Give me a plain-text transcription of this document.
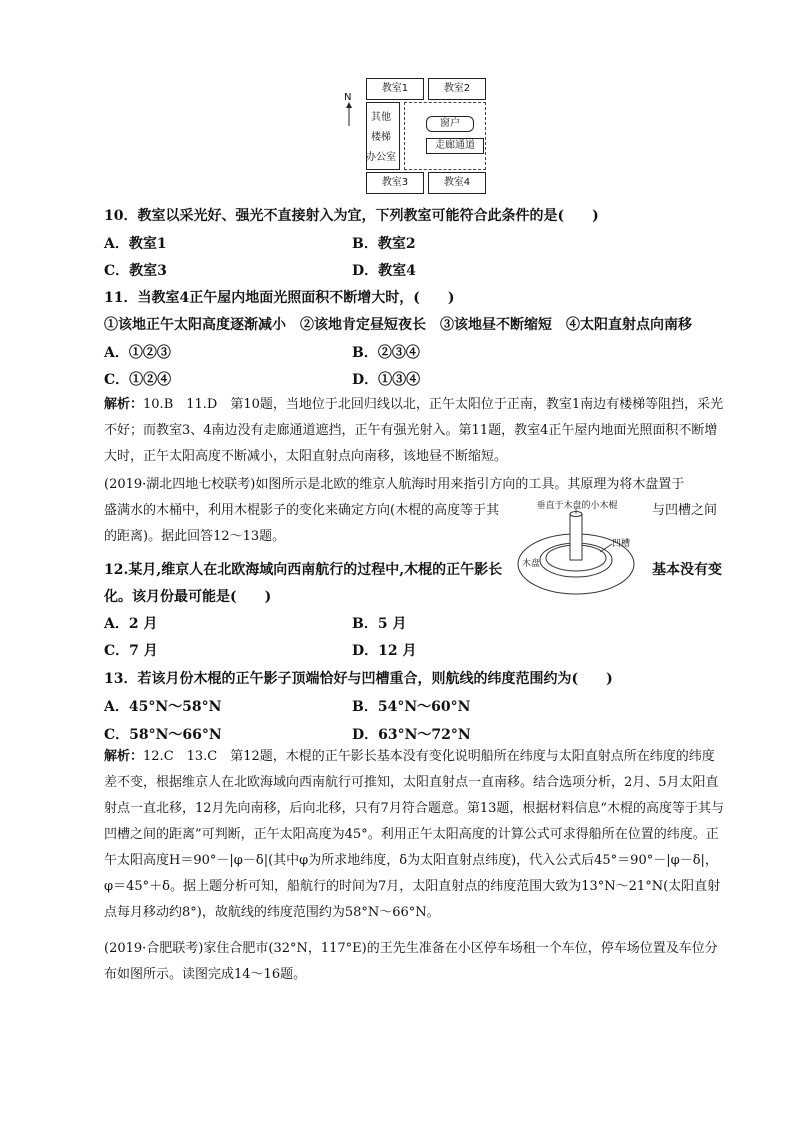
N
教室1	教室2
其他
楼梯
办公室
窗户
走廊通道
教室3	教室4
10．教室以采光好、强光不直接射入为宜，下列教室可能符合此条件的是(　　)
A．教室1	B．教室2
C．教室3	D．教室4
11．当教室4正午屋内地面光照面积不断增大时，(　　)
①该地正午太阳高度逐渐减小　②该地肯定昼短夜长　③该地昼不断缩短　④太阳直射点向南移
A．①②③	B．②③④
C．①②④	D．①③④
解析：10.B　11.D　第10题，当地位于北回归线以北，正午太阳位于正南，教室1南边有楼梯等阻挡，采光不好；而教室3、4南边没有走廊通道遮挡，正午有强光射入。第11题，教室4正午屋内地面光照面积不断增大时，正午太阳高度不断减小，太阳直射点向南移，该地昼不断缩短。
(2019·湖北四地七校联考)如图所示是北欧的维京人航海时用来指引方向的工具。其原理为将木盘置于
盛满水的木桶中，利用木棍影子的变化来确定方向(木棍的高度等于其	与凹槽之间
的距离)。据此回答12～13题。
垂直于木盘的小木棍
凹槽
木盘
12.某月,维京人在北欧海域向西南航行的过程中,木棍的正午影长	基本没有变
化。该月份最可能是(　　)
A．2 月	B．5 月
C．7 月	D．12 月
13．若该月份木棍的正午影子顶端恰好与凹槽重合，则航线的纬度范围约为(　　)
A．45°N～58°N	B．54°N～60°N
C．58°N～66°N	D．63°N～72°N
解析：12.C　13.C　第12题，木棍的正午影长基本没有变化说明船所在纬度与太阳直射点所在纬度的纬度差不变，根据维京人在北欧海域向西南航行可推知，太阳直射点一直南移。结合选项分析，2月、5月太阳直射点一直北移，12月先向南移，后向北移，只有7月符合题意。第13题，根据材料信息“木棍的高度等于其与凹槽之间的距离”可判断，正午太阳高度为45°。利用正午太阳高度的计算公式可求得船所在位置的纬度。正午太阳高度H＝90°－|φ－δ|(其中φ为所求地纬度，δ为太阳直射点纬度)，代入公式后45°＝90°－|φ－δ|，φ＝45°＋δ。据上题分析可知，船航行的时间为7月，太阳直射点的纬度范围大致为13°N～21°N(太阳直射点每月移动约8°)，故航线的纬度范围约为58°N～66°N。
(2019·合肥联考)家住合肥市(32°N，117°E)的王先生准备在小区停车场租一个车位，停车场位置及车位分布如图所示。读图完成14～16题。
